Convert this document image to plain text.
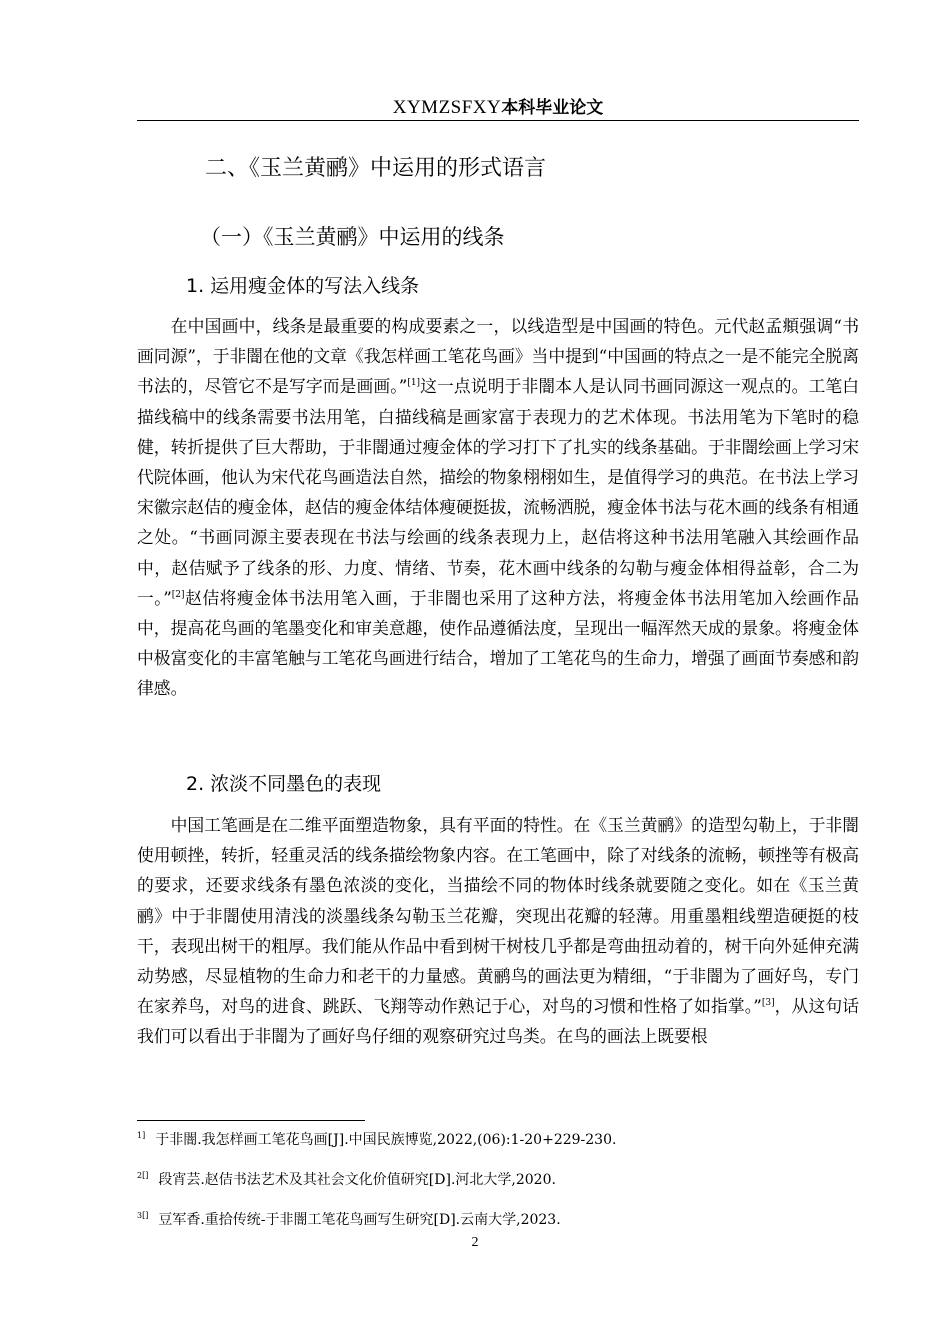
XYMZSFXY本科毕业论文
二、《玉兰黄鹂》中运用的形式语言
（一）《玉兰黄鹂》中运用的线条
1. 运用瘦金体的写法入线条

在中国画中，线条是最重要的构成要素之一，以线造型是中国画的特色。元代赵孟頫强调“书画同源”，于非闇在他的文章《我怎样画工笔花鸟画》当中提到“中国画的特点之一是不能完全脱离书法的，尽管它不是写字而是画画。”[1]这一点说明于非闇本人是认同书画同源这一观点的。工笔白描线稿中的线条需要书法用笔，白描线稿是画家富于表现力的艺术体现。书法用笔为下笔时的稳健，转折提供了巨大帮助，于非闇通过瘦金体的学习打下了扎实的线条基础。于非闇绘画上学习宋代院体画，他认为宋代花鸟画造法自然，描绘的物象栩栩如生，是值得学习的典范。在书法上学习宋徽宗赵佶的瘦金体，赵佶的瘦金体结体瘦硬挺拔，流畅洒脱，瘦金体书法与花木画的线条有相通之处。“书画同源主要表现在书法与绘画的线条表现力上，赵佶将这种书法用笔融入其绘画作品中，赵佶赋予了线条的形、力度、情绪、节奏，花木画中线条的勾勒与瘦金体相得益彰，合二为一。”[2]赵佶将瘦金体书法用笔入画，于非闇也采用了这种方法，将瘦金体书法用笔加入绘画作品中，提高花鸟画的笔墨变化和审美意趣，使作品遵循法度，呈现出一幅浑然天成的景象。将瘦金体中极富变化的丰富笔触与工笔花鸟画进行结合，增加了工笔花鸟的生命力，增强了画面节奏感和韵律感。

2. 浓淡不同墨色的表现

中国工笔画是在二维平面塑造物象，具有平面的特性。在《玉兰黄鹂》的造型勾勒上，于非闇使用顿挫，转折，轻重灵活的线条描绘物象内容。在工笔画中，除了对线条的流畅，顿挫等有极高的要求，还要求线条有墨色浓淡的变化，当描绘不同的物体时线条就要随之变化。如在《玉兰黄鹂》中于非闇使用清浅的淡墨线条勾勒玉兰花瓣，突现出花瓣的轻薄。用重墨粗线塑造硬挺的枝干，表现出树干的粗厚。我们能从作品中看到树干树枝几乎都是弯曲扭动着的，树干向外延伸充满动势感，尽显植物的生命力和老干的力量感。黄鹂鸟的画法更为精细，“于非闇为了画好鸟，专门在家养鸟，对鸟的进食、跳跃、飞翔等动作熟记于心，对鸟的习惯和性格了如指掌。”[3]，从这句话我们可以看出于非闇为了画好鸟仔细的观察研究过鸟类。在鸟的画法上既要根

$^{1]}$ 于非闇.我怎样画工笔花鸟画[J].中国民族博览,2022,(06):1-20+229-230.
$^{2[]}$ 段宵芸.赵佶书法艺术及其社会文化价值研究[D].河北大学,2020.
$^{3[]}$ 豆军香.重拾传统-于非闇工笔花鸟画写生研究[D].云南大学,2023.
2
